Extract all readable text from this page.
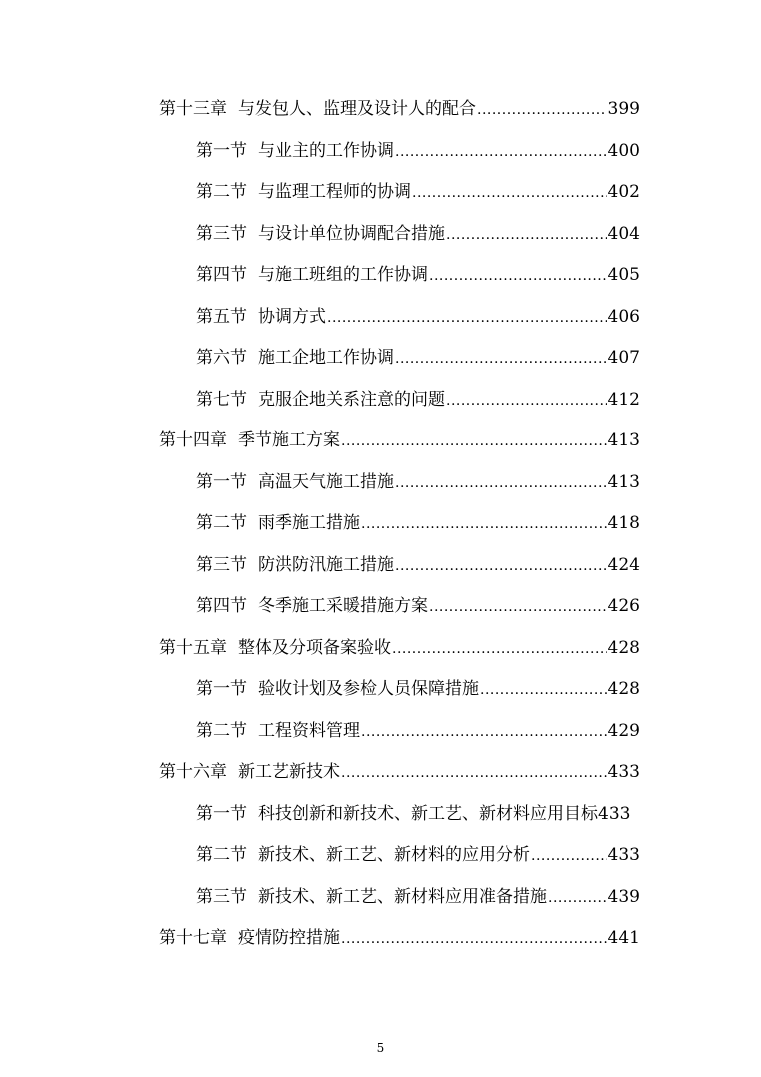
第十三章 与发包人、监理及设计人的配合 .....	399
第一节 与业主的工作协调 .....	400
第二节 与监理工程师的协调 .....	402
第三节 与设计单位协调配合措施 .....	404
第四节 与施工班组的工作协调 .....	405
第五节 协调方式 .....	406
第六节 施工企地工作协调 .....	407
第七节 克服企地关系注意的问题 .....	412
第十四章 季节施工方案 .....	413
第一节 高温天气施工措施 .....	413
第二节 雨季施工措施 .....	418
第三节 防洪防汛施工措施 .....	424
第四节 冬季施工采暖措施方案 .....	426
第十五章 整体及分项备案验收 .....	428
第一节 验收计划及参检人员保障措施 .....	428
第二节 工程资料管理 .....	429
第十六章 新工艺新技术 .....	433
第一节 科技创新和新技术、新工艺、新材料应用目标 433
第二节 新技术、新工艺、新材料的应用分析 .....	433
第三节 新技术、新工艺、新材料应用准备措施 .....	439
第十七章 疫情防控措施 .....	441
5
